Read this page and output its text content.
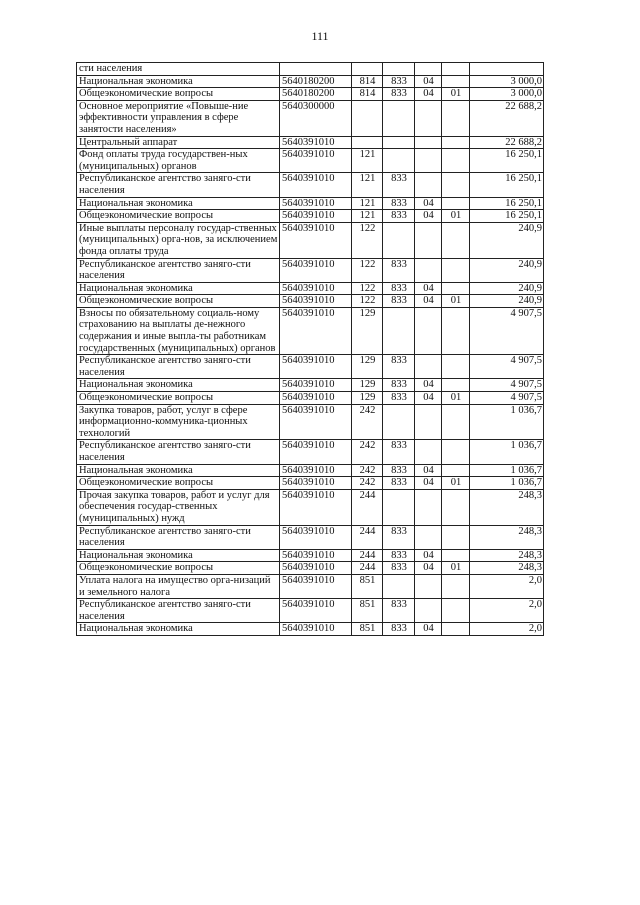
111
сти населения						
Национальная экономика	5640180200	814	833	04		3 000,0
Общеэкономические вопросы	5640180200	814	833	04	01	3 000,0
Основное мероприятие «Повыше-ние эффективности управления в сфере занятости населения»	5640300000					22 688,2
Центральный аппарат	5640391010					22 688,2
Фонд оплаты труда государствен-ных (муниципальных) органов	5640391010	121				16 250,1
Республиканское агентство заняго-сти населения	5640391010	121	833			16 250,1
Национальная экономика	5640391010	121	833	04		16 250,1
Общеэкономические вопросы	5640391010	121	833	04	01	16 250,1
Иные выплаты персоналу государ-ственных (муниципальных) орга-нов, за исключением фонда оплаты труда	5640391010	122				240,9
Республиканское агентство заняго-сти населения	5640391010	122	833			240,9
Национальная экономика	5640391010	122	833	04		240,9
Общеэкономические вопросы	5640391010	122	833	04	01	240,9
Взносы по обязательному социаль-ному страхованию на выплаты де-нежного содержания и иные выпла-ты работникам государственных (муниципальных) органов	5640391010	129				4 907,5
Республиканское агентство заняго-сти населения	5640391010	129	833			4 907,5
Национальная экономика	5640391010	129	833	04		4 907,5
Общеэкономические вопросы	5640391010	129	833	04	01	4 907,5
Закупка товаров, работ, услуг в сфере информационно-коммуника-ционных технологий	5640391010	242				1 036,7
Республиканское агентство заняго-сти населения	5640391010	242	833			1 036,7
Национальная экономика	5640391010	242	833	04		1 036,7
Общеэкономические вопросы	5640391010	242	833	04	01	1 036,7
Прочая закупка товаров, работ и услуг для обеспечения государ-ственных (муниципальных) нужд	5640391010	244				248,3
Республиканское агентство заняго-сти населения	5640391010	244	833			248,3
Национальная экономика	5640391010	244	833	04		248,3
Общеэкономические вопросы	5640391010	244	833	04	01	248,3
Уплата налога на имущество орга-низаций и земельного налога	5640391010	851				2,0
Республиканское агентство заняго-сти населения	5640391010	851	833			2,0
Национальная экономика	5640391010	851	833	04		2,0
